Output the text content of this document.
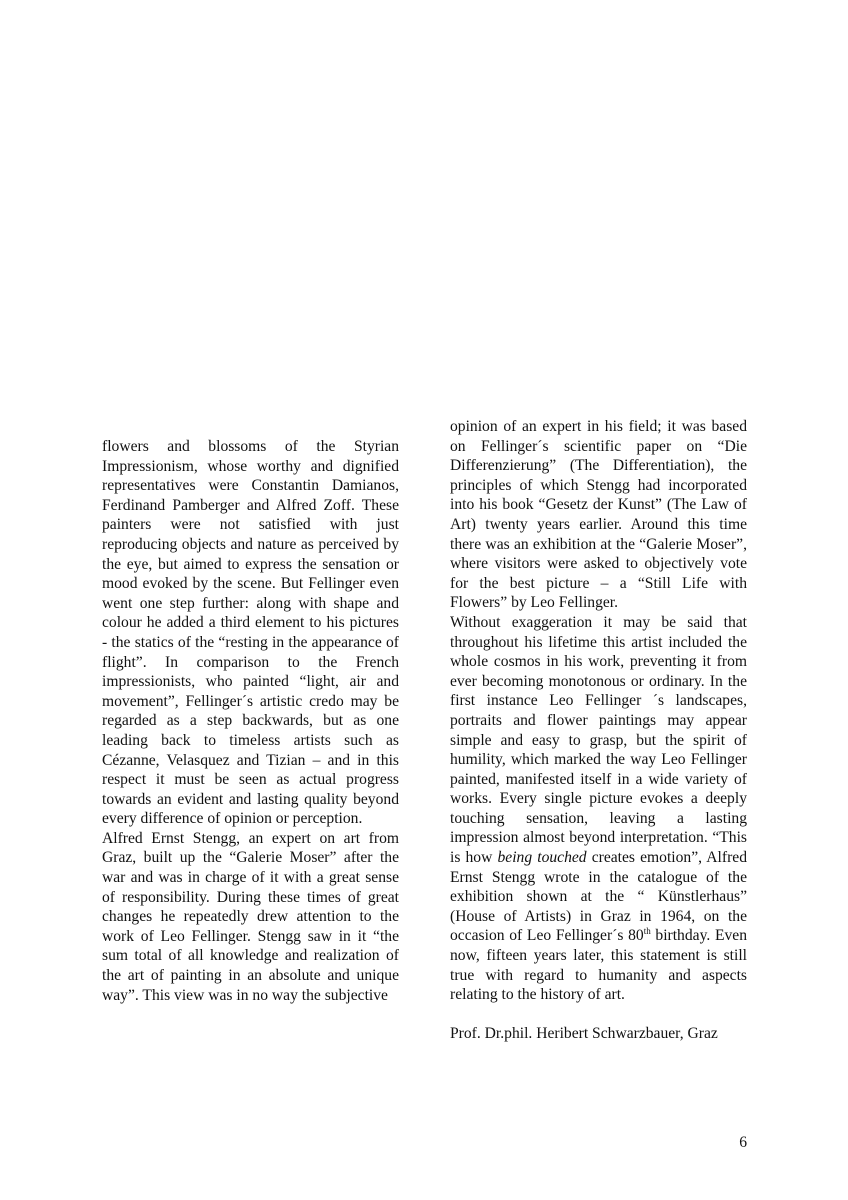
flowers and blossoms of the Styrian Impressionism, whose worthy and dignified representatives were Constantin Damianos, Ferdinand Pamberger and Alfred Zoff. These painters were not satisfied with just reproducing objects and nature as perceived by the eye, but aimed to express the sensation or mood evoked by the scene. But Fellinger even went one step further: along with shape and colour he added a third element to his pictures - the statics of the “resting in the appearance of flight”. In comparison to the French impressionists, who painted “light, air and movement”, Fellinger´s artistic credo may be regarded as a step backwards, but as one leading back to timeless artists such as Cézanne, Velasquez and Tizian – and in this respect it must be seen as actual progress towards an evident and lasting quality beyond every difference of opinion or perception.

Alfred Ernst Stengg, an expert on art from Graz, built up the “Galerie Moser” after the war and was in charge of it with a great sense of responsibility. During these times of great changes he repeatedly drew attention to the work of Leo Fellinger. Stengg saw in it “the sum total of all knowledge and realization of the art of painting in an absolute and unique way”. This view was in no way the subjective

opinion of an expert in his field; it was based on Fellinger´s scientific paper on “Die Differenzierung” (The Differentiation), the principles of which Stengg had incorporated into his book “Gesetz der Kunst” (The Law of Art) twenty years earlier. Around this time there was an exhibition at the “Galerie Moser”, where visitors were asked to objectively vote for the best picture – a “Still Life with Flowers” by Leo Fellinger.

Without exaggeration it may be said that throughout his lifetime this artist included the whole cosmos in his work, preventing it from ever becoming monotonous or ordinary. In the first instance Leo Fellinger ´s landscapes, portraits and flower paintings may appear simple and easy to grasp, but the spirit of humility, which marked the way Leo Fellinger painted, manifested itself in a wide variety of works. Every single picture evokes a deeply touching sensation, leaving a lasting impression almost beyond interpretation. “This is how being touched creates emotion”, Alfred Ernst Stengg wrote in the catalogue of the exhibition shown at the “ Künstlerhaus” (House of Artists) in Graz in 1964, on the occasion of Leo Fellinger´s 80th birthday. Even now, fifteen years later, this statement is still true with regard to humanity and aspects relating to the history of art.

Prof. Dr.phil. Heribert Schwarzbauer, Graz

6
